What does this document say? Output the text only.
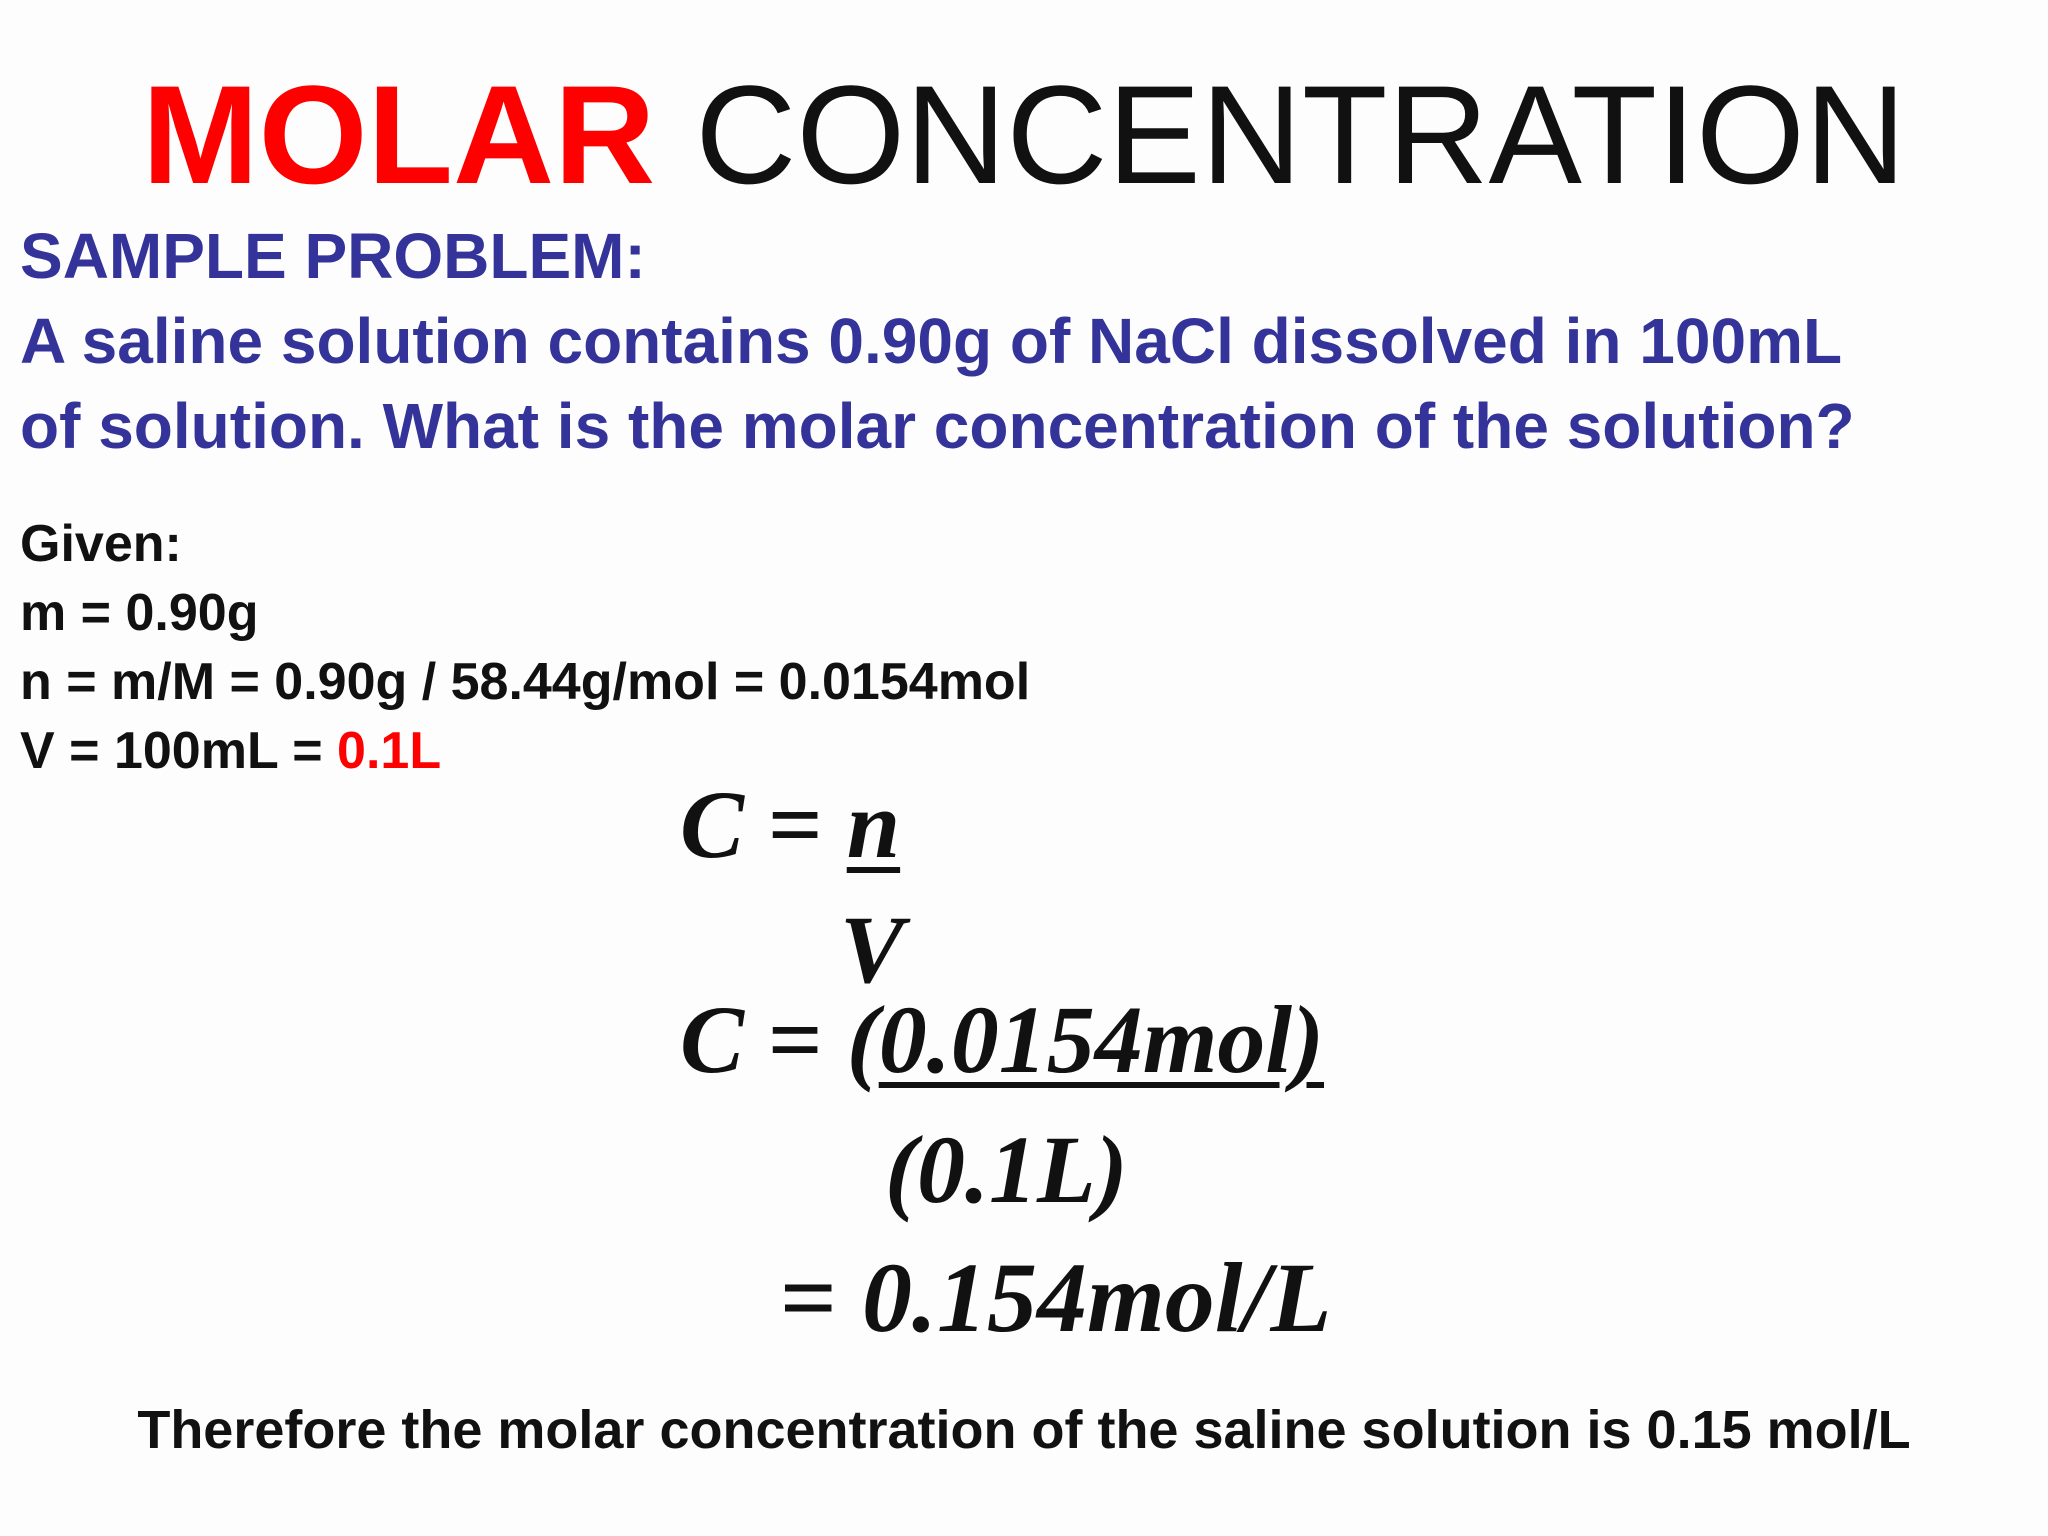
MOLAR CONCENTRATION
SAMPLE PROBLEM:
A saline solution contains 0.90g of NaCl dissolved in 100mL
of solution. What is the molar concentration of the solution?
Given:
m = 0.90g
n = m/M = 0.90g / 58.44g/mol = 0.0154mol
V = 100mL = 0.1L
C = n
V
C = (0.0154mol)
(0.1L)
= 0.154mol/L
Therefore the molar concentration of the saline solution is 0.15 mol/L
